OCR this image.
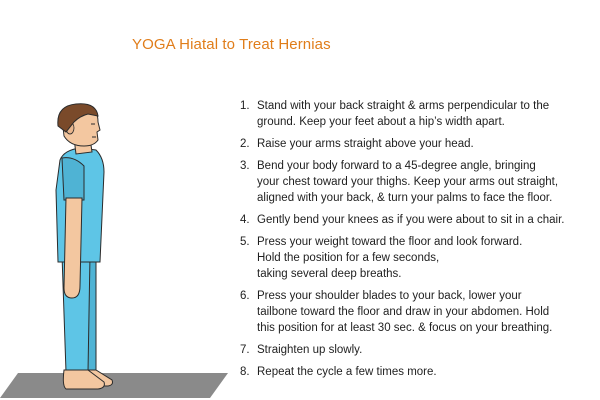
YOGA Hiatal to Treat Hernias
1. Stand with your back straight & arms perpendicular to the
ground. Keep your feet about a hip’s width apart.
2. Raise your arms straight above your head.
3. Bend your body forward to a 45-degree angle, bringing
your chest toward your thighs. Keep your arms out straight,
aligned with your back, & turn your palms to face the floor.
4. Gently bend your knees as if you were about to sit in a chair.
5. Press your weight toward the floor and look forward.
Hold the position for a few seconds,
taking several deep breaths.
6. Press your shoulder blades to your back, lower your
tailbone toward the floor and draw in your abdomen. Hold
this position for at least 30 sec. & focus on your breathing.
7. Straighten up slowly.
8. Repeat the cycle a few times more.
